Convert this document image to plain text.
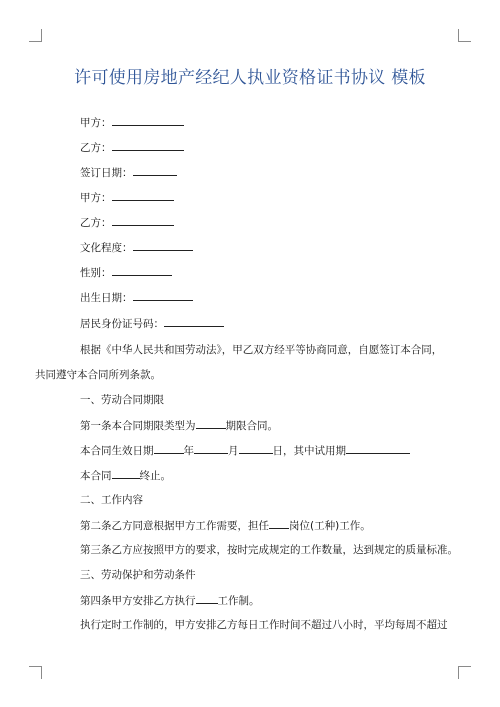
许可使用房地产经纪人执业资格证书协议 模板
甲方：
乙方：
签订日期：
甲方：
乙方：
文化程度：
性别：
出生日期：
居民身份证号码：
根据《中华人民共和国劳动法》，甲乙双方经平等协商同意，自愿签订本合同，
共同遵守本合同所列条款。
一、劳动合同期限
第一条本合同期限类型为	期限合同。
本合同生效日期	年	月	日，其中试用期
本合同	终止。
二、工作内容
第二条乙方同意根据甲方工作需要，担任 岗位(工种)工作。
第三条乙方应按照甲方的要求，按时完成规定的工作数量，达到规定的质量标准。
三、劳动保护和劳动条件
第四条甲方安排乙方执行 工作制。
执行定时工作制的，甲方安排乙方每日工作时间不超过八小时，平均每周不超过
